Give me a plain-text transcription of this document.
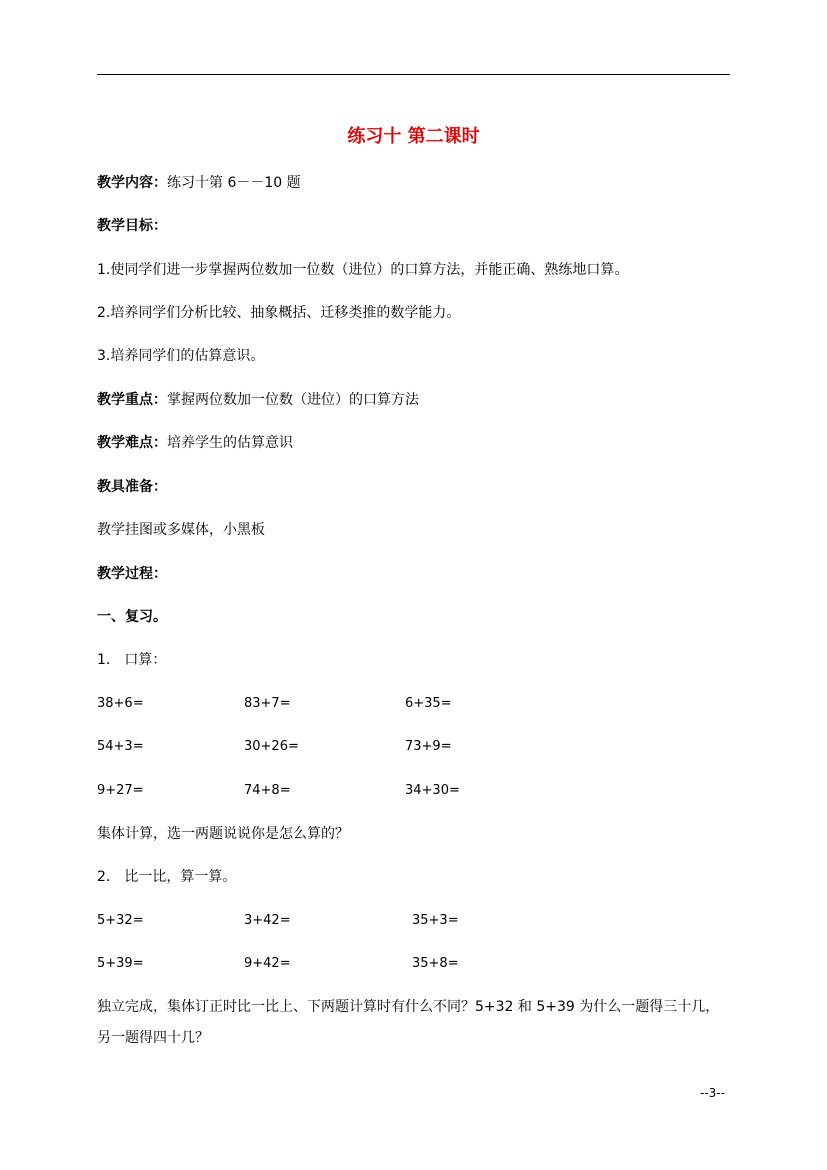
练习十 第二课时
教学内容：练习十第 6－－10 题
教学目标：
1.使同学们进一步掌握两位数加一位数（进位）的口算方法，并能正确、熟练地口算。
2.培养同学们分析比较、抽象概括、迁移类推的数学能力。
3.培养同学们的估算意识。
教学重点：掌握两位数加一位数（进位）的口算方法
教学难点：培养学生的估算意识
教具准备：
教学挂图或多媒体，小黑板
教学过程：
一、复习。
1． 口算：
38+6=	83+7=	6+35=
54+3=	30+26=	73+9=
9+27=	74+8=	34+30=
集体计算，选一两题说说你是怎么算的？
2． 比一比，算一算。
5+32=	3+42=	35+3=
5+39=	9+42=	35+8=
独立完成，集体订正时比一比上、下两题计算时有什么不同？5+32 和 5+39 为什么一题得三十几，
另一题得四十几？
--3--
